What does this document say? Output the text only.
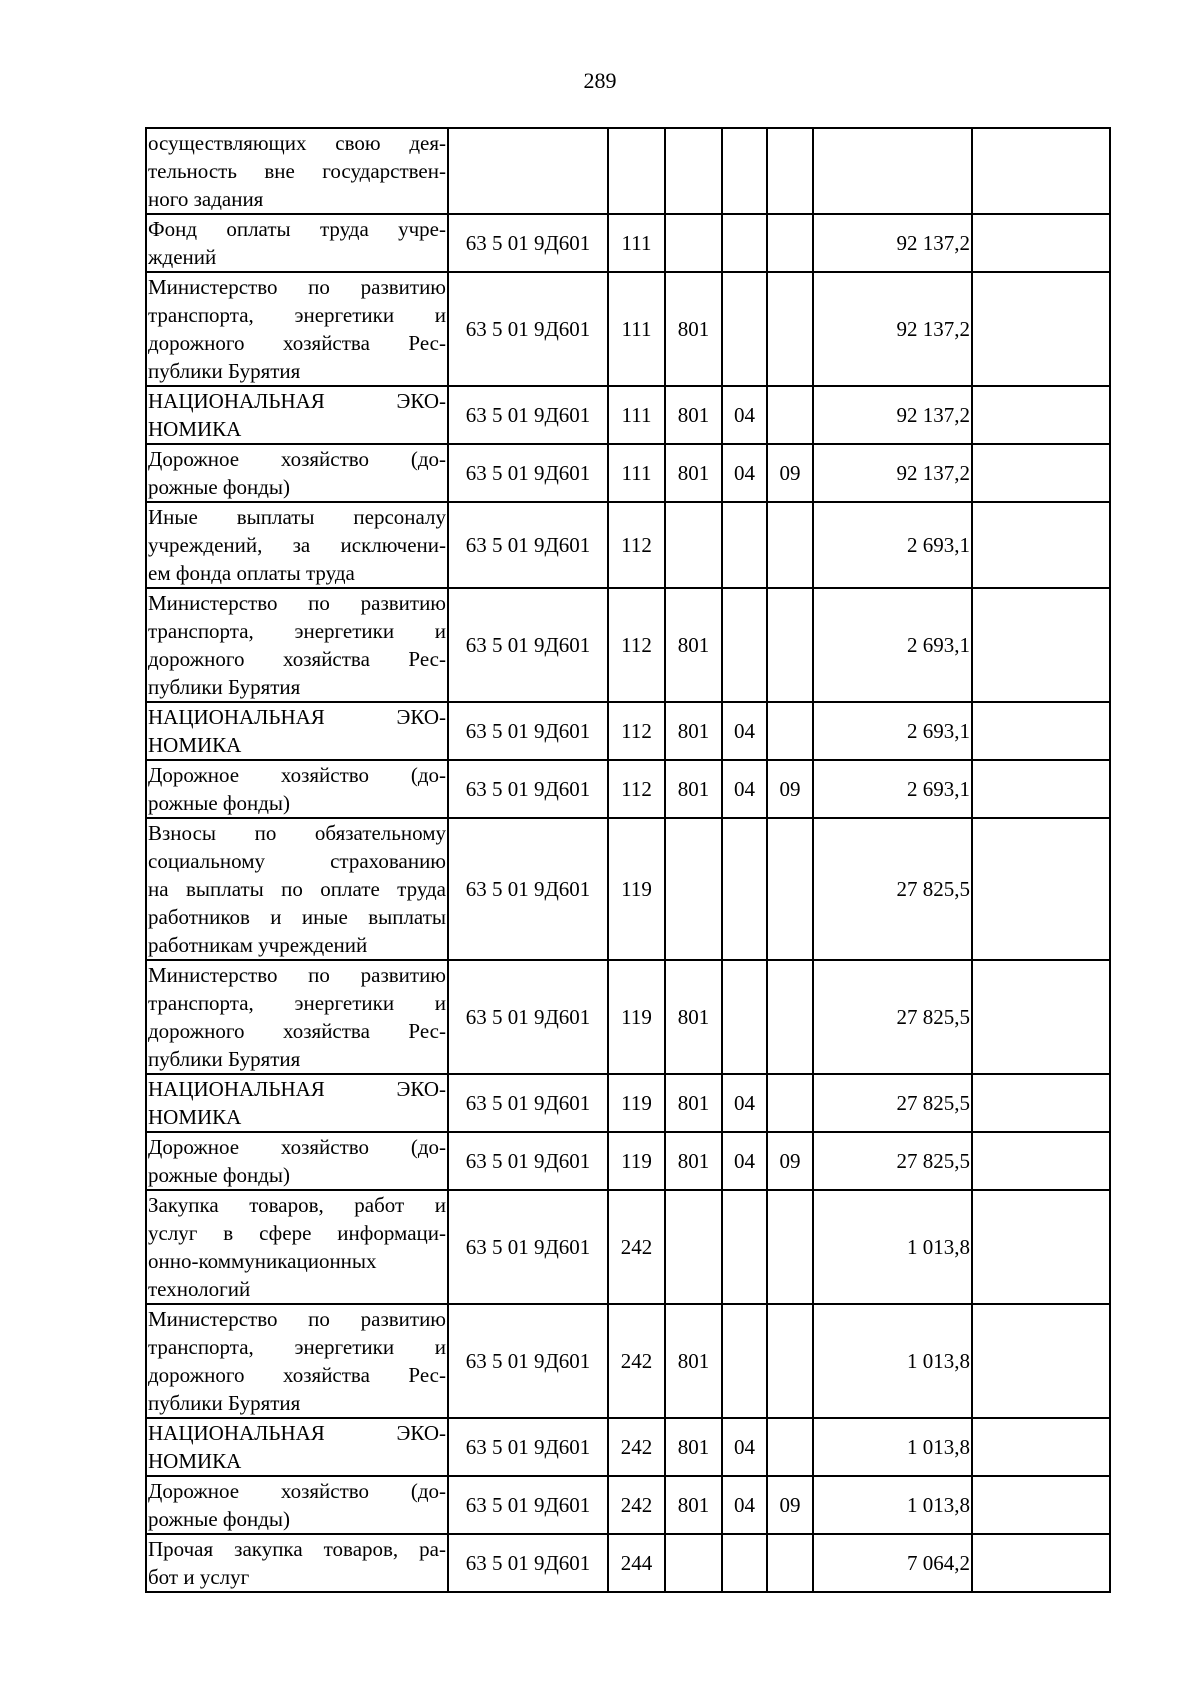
289
осуществляющих свою дея-
тельность вне государствен-
ного задания							

Фонд оплаты труда учре-
ждений	63 5 01 9Д601	111				92 137,2	

Министерство по развитию
транспорта, энергетики и
дорожного хозяйства Рес-
публики Бурятия	63 5 01 9Д601	111	801			92 137,2	

НАЦИОНАЛЬНАЯ ЭКО-
НОМИКА	63 5 01 9Д601	111	801	04		92 137,2	

Дорожное хозяйство (до-
рожные фонды)	63 5 01 9Д601	111	801	04	09	92 137,2	

Иные выплаты персоналу
учреждений, за исключени-
ем фонда оплаты труда	63 5 01 9Д601	112				2 693,1	

Министерство по развитию
транспорта, энергетики и
дорожного хозяйства Рес-
публики Бурятия	63 5 01 9Д601	112	801			2 693,1	

НАЦИОНАЛЬНАЯ ЭКО-
НОМИКА	63 5 01 9Д601	112	801	04		2 693,1	

Дорожное хозяйство (до-
рожные фонды)	63 5 01 9Д601	112	801	04	09	2 693,1	

Взносы по обязательному
социальному страхованию
на выплаты по оплате труда
работников и иные выплаты
работникам учреждений	63 5 01 9Д601	119				27 825,5	

Министерство по развитию
транспорта, энергетики и
дорожного хозяйства Рес-
публики Бурятия	63 5 01 9Д601	119	801			27 825,5	

НАЦИОНАЛЬНАЯ ЭКО-
НОМИКА	63 5 01 9Д601	119	801	04		27 825,5	

Дорожное хозяйство (до-
рожные фонды)	63 5 01 9Д601	119	801	04	09	27 825,5	

Закупка товаров, работ и
услуг в сфере информаци-
онно-коммуникационных
технологий	63 5 01 9Д601	242				1 013,8	

Министерство по развитию
транспорта, энергетики и
дорожного хозяйства Рес-
публики Бурятия	63 5 01 9Д601	242	801			1 013,8	

НАЦИОНАЛЬНАЯ ЭКО-
НОМИКА	63 5 01 9Д601	242	801	04		1 013,8	

Дорожное хозяйство (до-
рожные фонды)	63 5 01 9Д601	242	801	04	09	1 013,8	

Прочая закупка товаров, ра-
бот и услуг	63 5 01 9Д601	244				7 064,2	
